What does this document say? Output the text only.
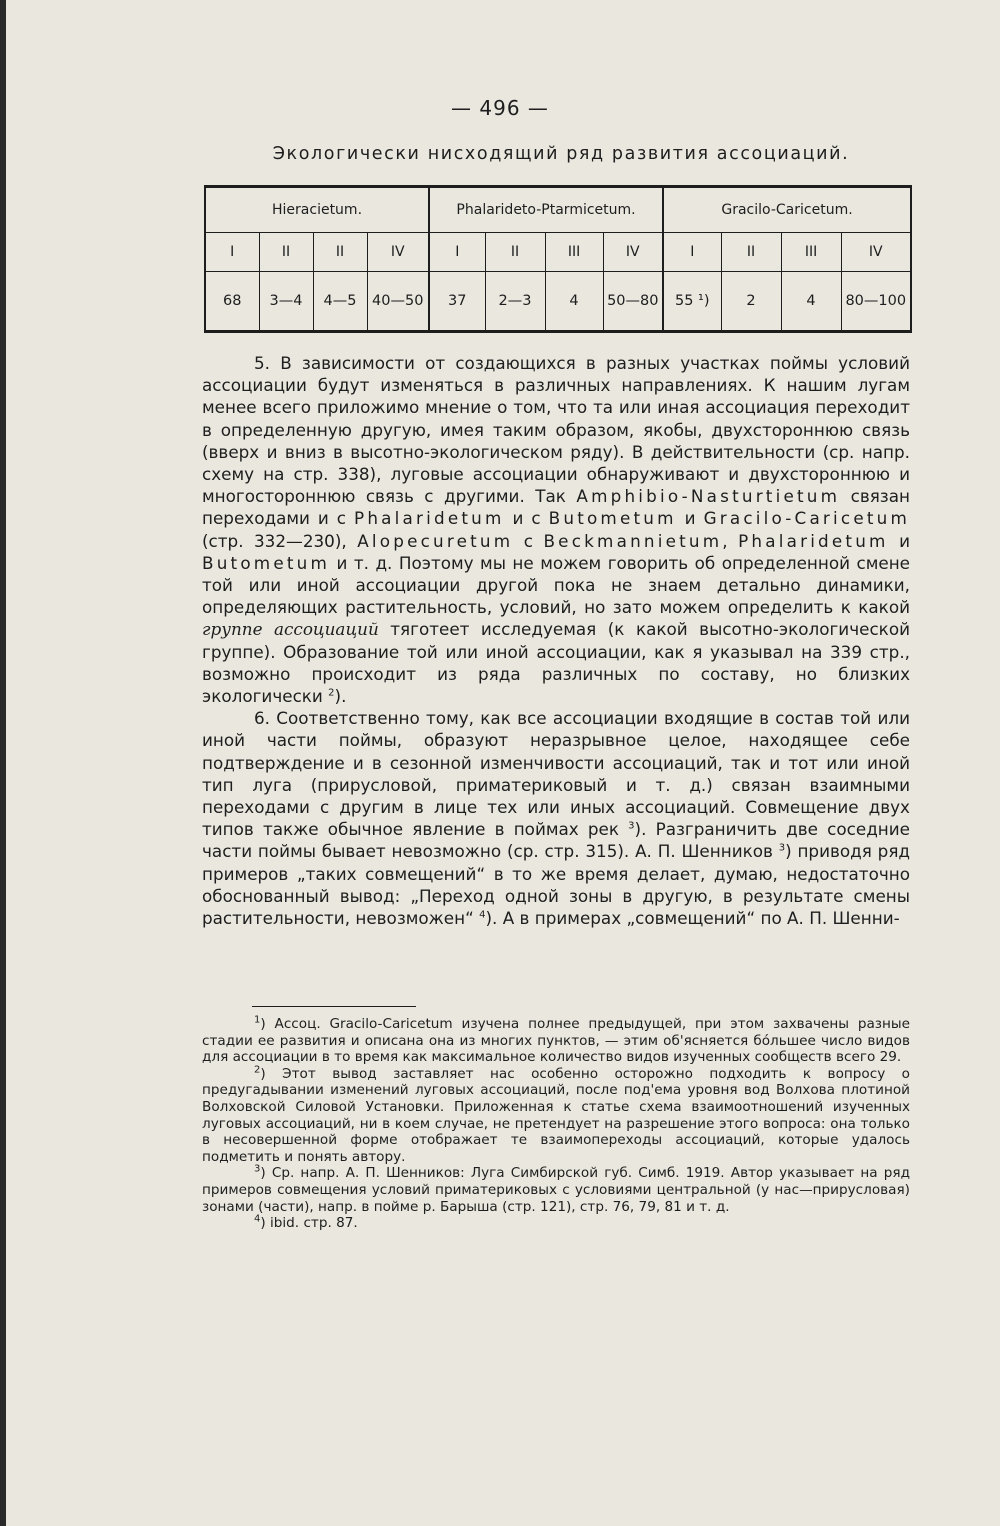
— 496 —
Экологически нисходящий ряд развития ассоциаций.
Hieracietum.				Phalarideto-Ptarmicetum.				Gracilo-Caricetum.			
I	II	II	IV	I	II	III	IV	I	II	III	IV
68	3—4	4—5	40—50	37	2—3	4	50—80	55 ¹)	2	4	80—100

5. В зависимости от создающихся в разных участках поймы условий ассоциации будут изменяться в различных направлениях. К нашим лугам менее всего приложимо мнение о том, что та или иная ассоциация переходит в определенную другую, имея таким образом, якобы, двухстороннюю связь (вверх и вниз в высотно-экологическом ряду). В действительности (ср. напр. схему на стр. 338), луговые ассоциации обнаруживают и двухстороннюю и многостороннюю связь с другими. Так Amphibio-Nasturtietum связан переходами и с Phalaridetum и с Butometum и Gracilo-Caricetum (стр. 332—230), Alopecuretum с Beckmannietum, Phalaridetum и Butometum и т. д. Поэтому мы не можем говорить об определенной смене той или иной ассоциации другой пока не знаем детально динамики, определяющих растительность, условий, но зато можем определить к какой группе ассоциаций тяготеет исследуемая (к какой высотно-экологической группе). Образование той или иной ассоциации, как я указывал на 339 стр., возможно происходит из ряда различных по составу, но близких экологически $^2$).

6. Соответственно тому, как все ассоциации входящие в состав той или иной части поймы, образуют неразрывное целое, находящее себе подтверждение и в сезонной изменчивости ассоциаций, так и тот или иной тип луга (прирусловой, приматериковый и т. д.) связан взаимными переходами с другим в лице тех или иных ассоциаций. Совмещение двух типов также обычное явление в поймах рек $^3$). Разграничить две соседние части поймы бывает невозможно (ср. стр. 315). А. П. Шенников $^3$) приводя ряд примеров „таких совмещений“ в то же время делает, думаю, недостаточно обоснованный вывод: „Переход одной зоны в другую, в результате смены растительности, невозможен“ $^4$). А в примерах „совмещений“ по А. П. Шенни-

$^1$) Ассоц. Gracilo-Caricetum изучена полнее предыдущей, при этом захвачены разные стадии ее развития и описана она из многих пунктов, — этим об'ясняется бо́льшее число видов для ассоциации в то время как максимальное количество видов изученных сообществ всего 29.

$^2$) Этот вывод заставляет нас особенно осторожно подходить к вопросу о предугадывании изменений луговых ассоциаций, после под'ема уровня вод Волхова плотиной Волховской Силовой Установки. Приложенная к статье схема взаимоотношений изученных луговых ассоциаций, ни в коем случае, не претендует на разрешение этого вопроса: она только в несовершенной форме отображает те взаимопереходы ассоциаций, которые удалось подметить и понять автору.

$^3$) Ср. напр. А. П. Шенников: Луга Симбирской губ. Симб. 1919. Автор указывает на ряд примеров совмещения условий приматериковых с условиями центральной (у нас—прирусловая) зонами (части), напр. в пойме р. Барыша (стр. 121), стр. 76, 79, 81 и т. д.

$^4$) ibid. стр. 87.
